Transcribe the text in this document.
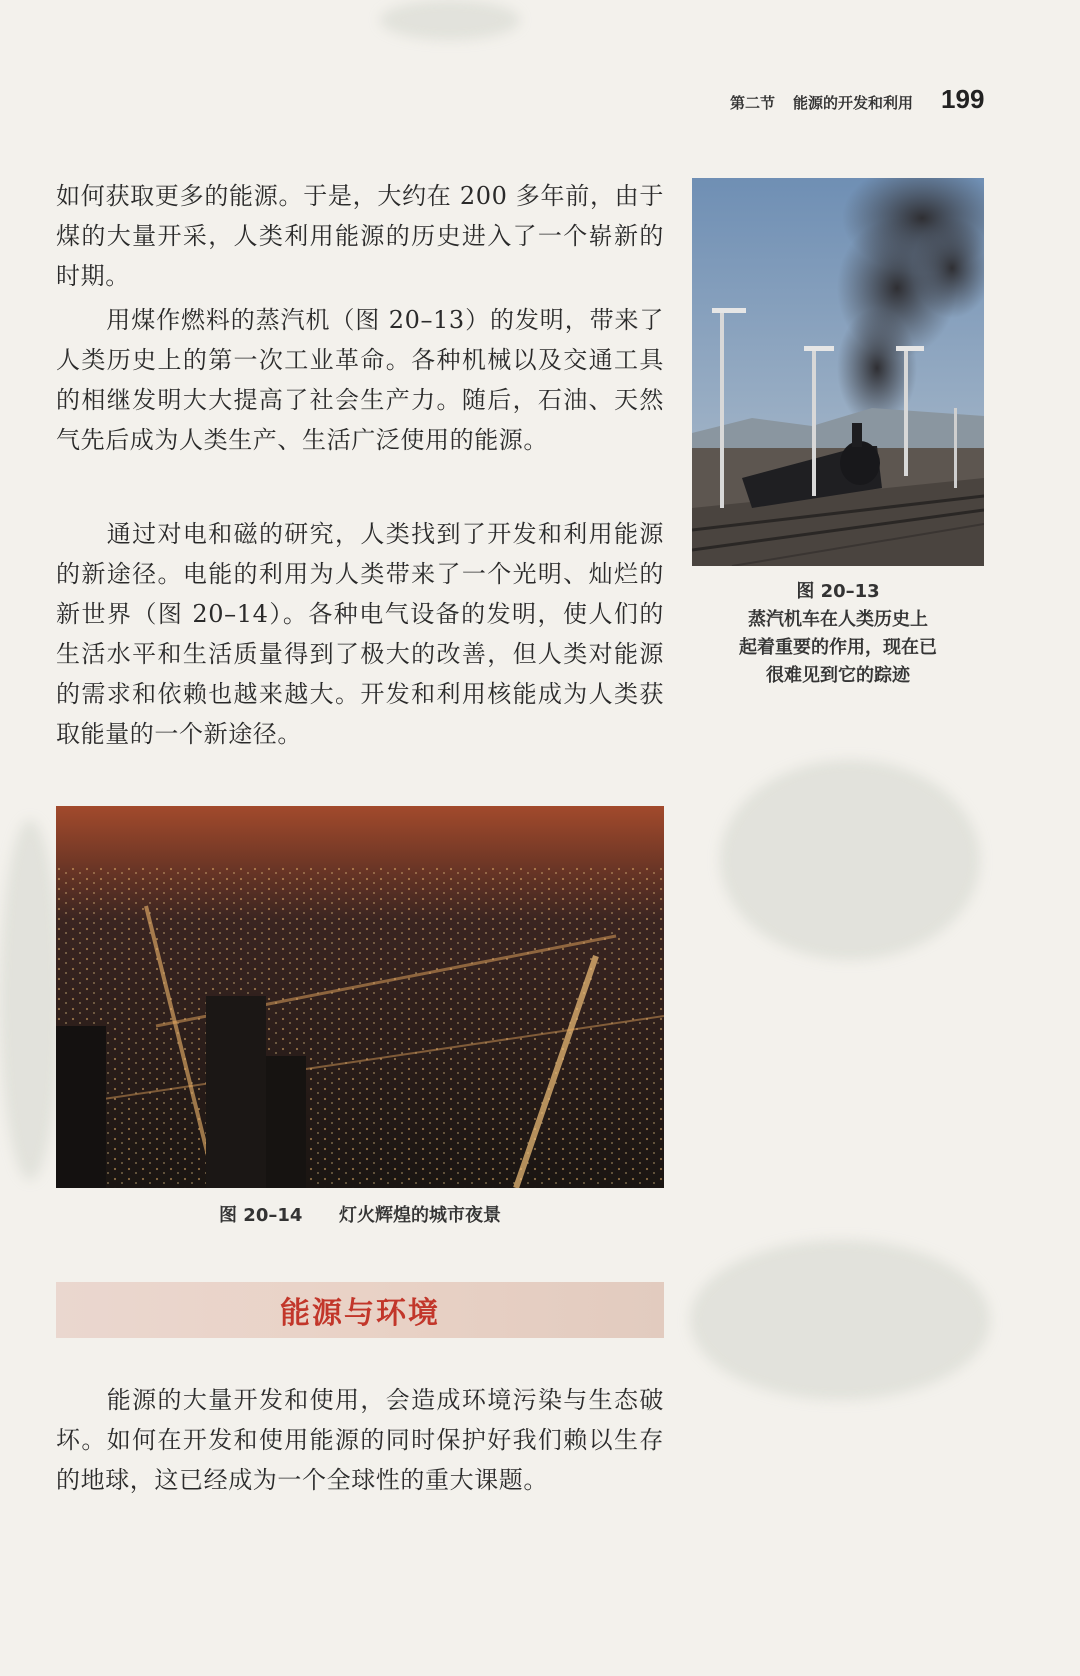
第二节 能源的开发和利用 199

如何获取更多的能源。于是，大约在 200 多年前，由于煤的大量开采，人类利用能源的历史进入了一个崭新的时期。

用煤作燃料的蒸汽机（图 20–13）的发明，带来了人类历史上的第一次工业革命。各种机械以及交通工具的相继发明大大提高了社会生产力。随后，石油、天然气先后成为人类生产、生活广泛使用的能源。

通过对电和磁的研究，人类找到了开发和利用能源的新途径。电能的利用为人类带来了一个光明、灿烂的新世界（图 20–14）。各种电气设备的发明，使人们的生活水平和生活质量得到了极大的改善，但人类对能源的需求和依赖也越来越大。开发和利用核能成为人类获取能量的一个新途径。

图 20–13
蒸汽机车在人类历史上
起着重要的作用，现在已
很难见到它的踪迹
图 20–14 灯火辉煌的城市夜景
能源与环境

能源的大量开发和使用，会造成环境污染与生态破坏。如何在开发和使用能源的同时保护好我们赖以生存的地球，这已经成为一个全球性的重大课题。
